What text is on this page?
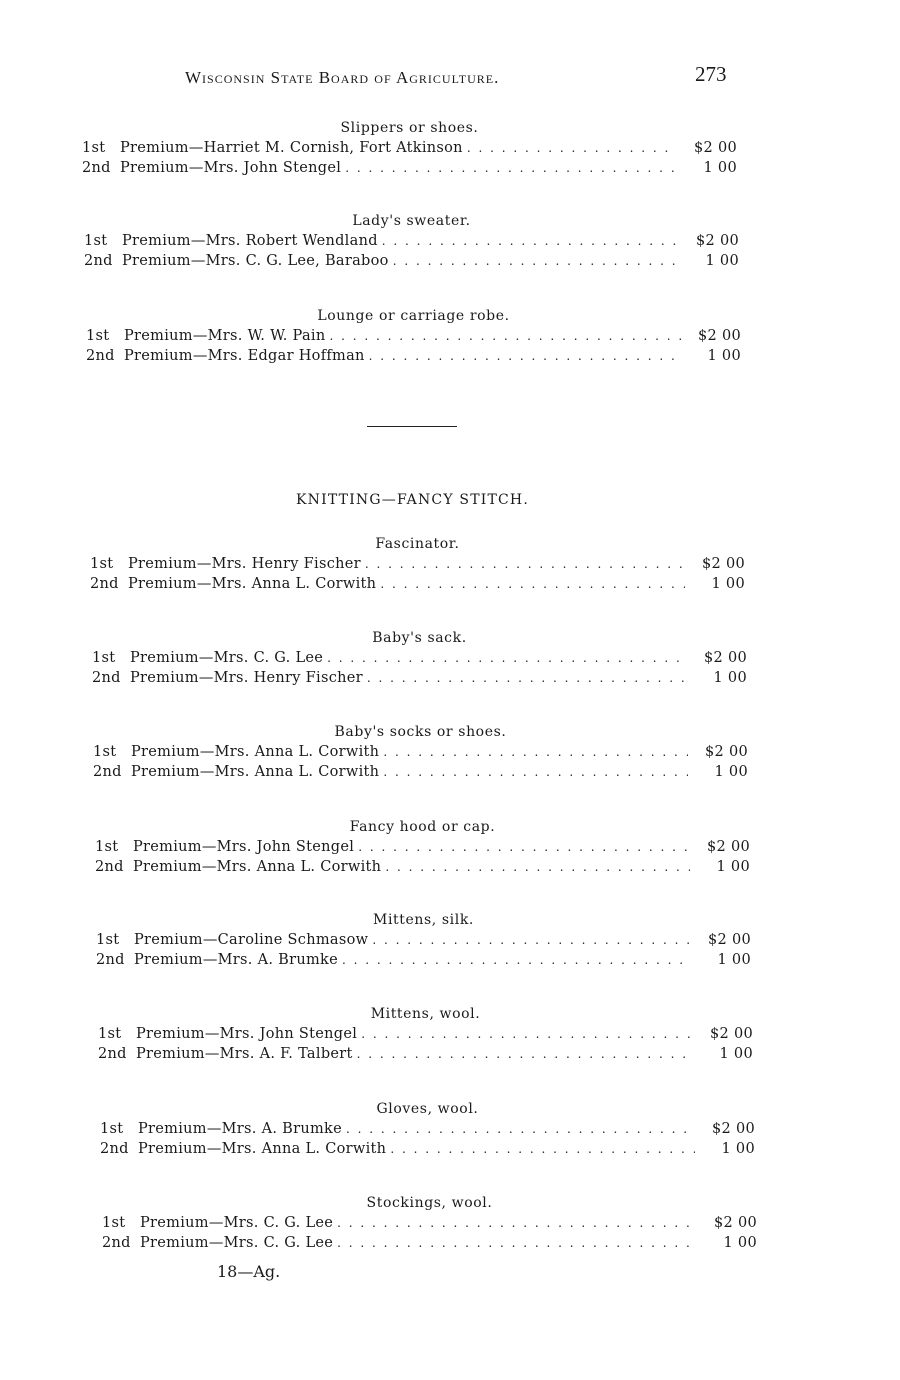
Wisconsin State Board of Agriculture.	273
Slippers or shoes.
1st	Premium—Harriet M. Cornish, Fort Atkinson . . .	$2 00
2nd Premium—Mrs. John Stengel . . .	1 00
Lady's sweater.
1st	Premium—Mrs. Robert Wendland . . .	$2 00
2nd Premium—Mrs. C. G. Lee, Baraboo . . .	1 00
Lounge or carriage robe.
1st	Premium—Mrs. W. W. Pain . . .	$2 00
2nd Premium—Mrs. Edgar Hoffman . . .	1 00
KNITTING—FANCY STITCH.
Fascinator.
1st	Premium—Mrs. Henry Fischer . . .	$2 00
2nd Premium—Mrs. Anna L. Corwith . . .	1 00
Baby's sack.
1st	Premium—Mrs. C. G. Lee . . .	$2 00
2nd Premium—Mrs. Henry Fischer . . .	1 00
Baby's socks or shoes.
1st	Premium—Mrs. Anna L. Corwith . . .	$2 00
2nd Premium—Mrs. Anna L. Corwith . . .	1 00
Fancy hood or cap.
1st	Premium—Mrs. John Stengel . . .	$2 00
2nd Premium—Mrs. Anna L. Corwith . . .	1 00
Mittens, silk.
1st	Premium—Caroline Schmasow . . .	$2 00
2nd Premium—Mrs. A. Brumke . . .	1 00
Mittens, wool.
1st	Premium—Mrs. John Stengel . . .	$2 00
2nd Premium—Mrs. A. F. Talbert . . .	1 00
Gloves, wool.
1st	Premium—Mrs. A. Brumke . . .	$2 00
2nd Premium—Mrs. Anna L. Corwith . . .	1 00
Stockings, wool.
1st	Premium—Mrs. C. G. Lee . . .	$2 00
2nd Premium—Mrs. C. G. Lee . . .	1 00
18—Ag.
